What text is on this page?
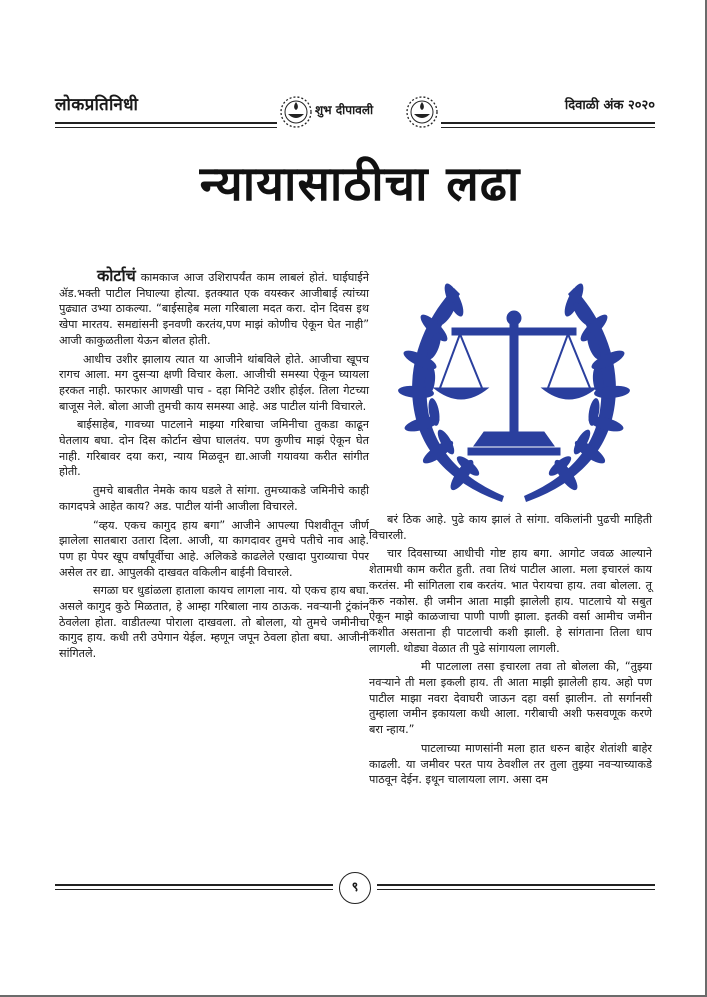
लोकप्रतिनिधी	शुभ दीपावली	दिवाळी अंक २०२०
न्यायासाठीचा लढा

कोर्टाचं कामकाज आज उशिरापर्यंत काम लाबलं होतं. घाईघाईने ॲड.भक्ती पाटील निघाल्या होत्या. इतक्यात एक वयस्कर आजीबाई त्यांच्या पुढ्यात उभ्या ठाकल्या. “बाईसाहेब मला गरिबाला मदत करा. दोन दिवस इथ खेपा मारतय. समद्यांसनी इनवणी करतंय,पण माझं कोणीच ऐकून घेत नाही” आजी काकुळतीला येऊन बोलत होती.

आधीच उशीर झालाय त्यात या आजीने थांबविले होते. आजीचा खूपच रागच आला. मग दुसऱ्या क्षणी विचार केला. आजीची समस्या ऐकून घ्यायला हरकत नाही. फारफार आणखी पाच - दहा मिनिटे उशीर होईल. तिला गेटच्या बाजूस नेले. बोला आजी तुमची काय समस्या आहे. अड पाटील यांनी विचारले.

बाईसाहेब, गावच्या पाटलाने माझ्या गरिबाचा जमिनीचा तुकडा काढून घेतलाय बघा. दोन दिस कोर्टान खेपा घालतंय. पण कुणीच माझं ऐकून घेत नाही. गरिबावर दया करा, न्याय मिळवून द्या.आजी गयावया करीत सांगीत होती.

तुमचे बाबतीत नेमके काय घडले ते सांगा. तुमच्याकडे जमिनीचे काही कागदपत्रे आहेत काय? अड. पाटील यांनी आजीला विचारले.

“व्हय. एकच कागुद हाय बगा” आजीने आपल्या पिशवीतून जीर्ण झालेला सातबारा उतारा दिला. आजी, या कागदावर तुमचे पतीचे नाव आहे. पण हा पेपर खूप वर्षांपूर्वीचा आहे. अलिकडे काढलेले एखादा पुराव्याचा पेपर असेल तर द्या. आपुलकी दाखवत वकिलीन बाईनी विचारले.

सगळा घर धुडांळला हाताला कायच लागला नाय. यो एकच हाय बघा. असले कागुद कुठे मिळतात, हे आम्हा गरिबाला नाय ठाऊक. नवऱ्यानी ट्रंकांन ठेवलेला होता. वाडीतल्या पोराला दाखवला. तो बोलला, यो तुमचे जमीनीचा कागुद हाय. कधी तरी उपेगान येईल. म्हणून जपून ठेवला होता बघा. आजीनी सांगितले.

बरं ठिक आहे. पुढे काय झालं ते सांगा. वकिलांनी पुढची माहिती विचारली.

चार दिवसाच्या आधीची गोष्ट हाय बगा. आगोट जवळ आल्याने शेतामधी काम करीत हुती. तवा तिथं पाटील आला. मला इचारलं काय करतंस. मी सांगितला राब करतंय. भात पेरायचा हाय. तवा बोलला. तू करु नकोस. ही जमीन आता माझी झालेली हाय. पाटलाचे यो सबुत ऐकून माझे काळजाचा पाणी पाणी झाला. इतकी वर्सा आमीच जमीन कशीत असताना ही पाटलाची कशी झाली. हे सांगताना तिला धाप लागली. थोड्या वेळात ती पुढे सांगायला लागली.

मी पाटलाला तसा इचारला तवा तो बोलला की, “तुझ्या नवऱ्याने ती मला इकली हाय. ती आता माझी झालेली हाय. अहो पण पाटील माझा नवरा देवाघरी जाऊन दहा वर्सा झालीन. तो सर्गानसी तुम्हाला जमीन इकायला कधी आला. गरीबाची अशी फसवणूक करणे बरा न्हाय.”

पाटलाच्या माणसांनी मला हात धरुन बाहेर शेतांशी बाहेर काढली. या जमीवर परत पाय ठेवशील तर तुला तुझ्या नवऱ्याच्याकडे पाठवून देईन. इथून चालायला लाग. असा दम

९
